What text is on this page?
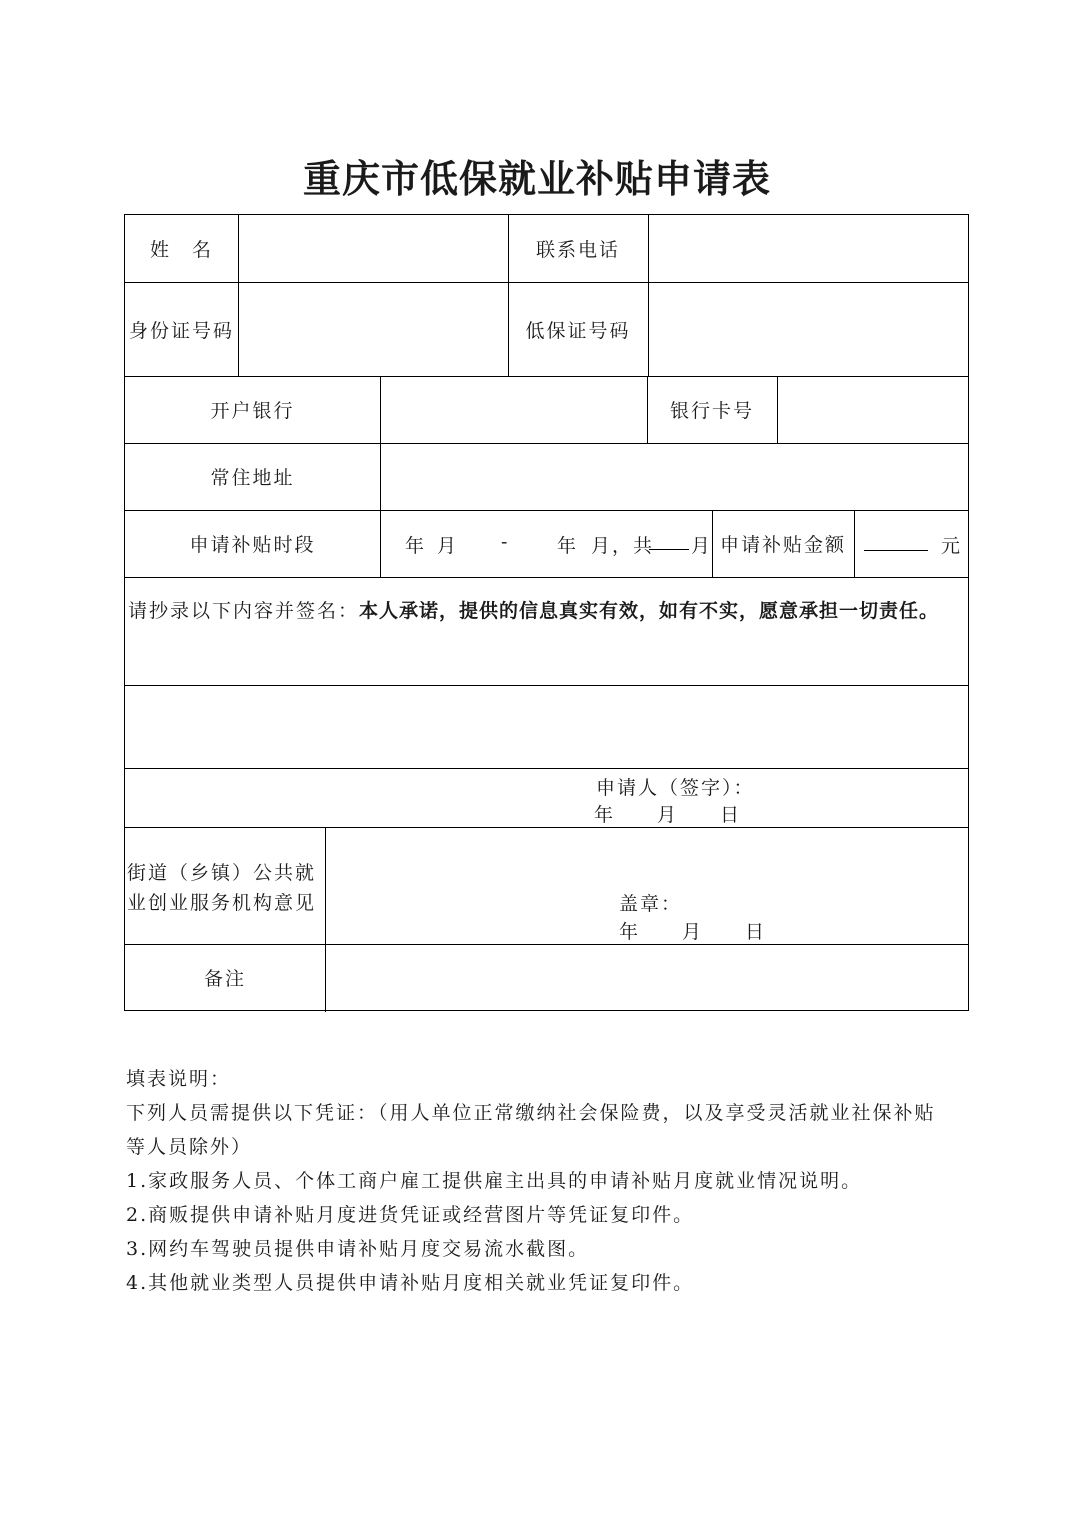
重庆市低保就业补贴申请表
姓　名	联系电话
身份证号码	低保证号码
开户银行	银行卡号
常住地址
申请补贴时段	年 月 -	年 月，共 月 申请补贴金额	元
请抄录以下内容并签名：本人承诺，提供的信息真实有效，如有不实，愿意承担一切责任。
申请人（签字）：
年　　月　　日
街道（乡镇）公共就
业创业服务机构意见	盖章：
年　　月　　日
备注
填表说明：
下列人员需提供以下凭证：（用人单位正常缴纳社会保险费，以及享受灵活就业社保补贴
等人员除外）
1.家政服务人员、个体工商户雇工提供雇主出具的申请补贴月度就业情况说明。
2.商贩提供申请补贴月度进货凭证或经营图片等凭证复印件。
3.网约车驾驶员提供申请补贴月度交易流水截图。
4.其他就业类型人员提供申请补贴月度相关就业凭证复印件。
